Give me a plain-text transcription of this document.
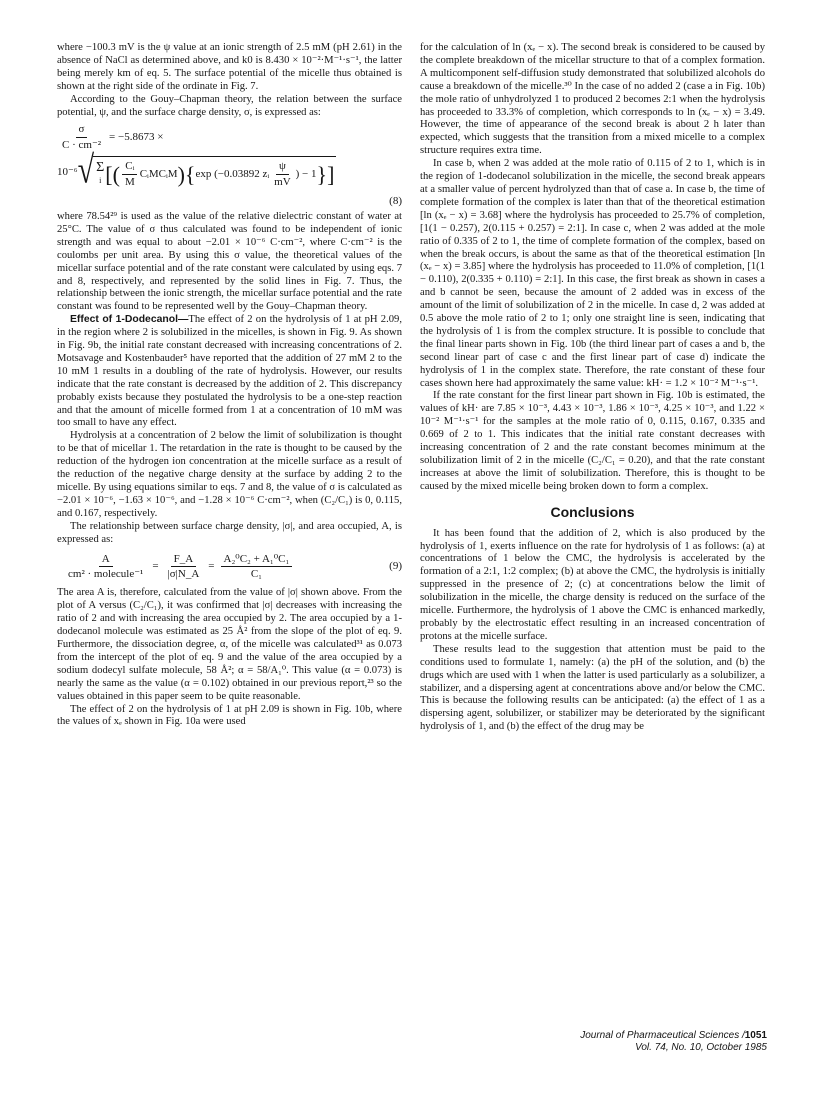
where −100.3 mV is the ψ value at an ionic strength of 2.5 mM (pH 2.61) in the absence of NaCl as determined above, and k0 is 8.430 × 10⁻²·M⁻¹·s⁻¹, the latter being merely km of eq. 5. The surface potential of the micelle thus obtained is shown at the right side of the ordinate in Fig. 7.

According to the Gouy–Chapman theory, the relation between the surface potential, ψ, and the surface charge density, σ, is expressed as:

$\frac{\sigma}{\text{C · cm⁻²}} = -5.8673$ ×
10⁻⁶ √ Σ
i [ ( $\frac{\text{Cᵢ}}{M}$ CᵢMCᵢM ) { exp (−0.03892 zᵢ $\frac{\psi}{mV}$ ) − 1 } ]
(8)

where 78.54²⁹ is used as the value of the relative dielectric constant of water at 25°C. The value of σ thus calculated was found to be independent of ionic strength and was equal to about −2.01 × 10⁻⁶ C·cm⁻², where C·cm⁻² is the coulombs per unit area. By using this σ value, the theoretical values of the micellar surface potential and of the rate constant were calculated by using eqs. 7 and 8, respectively, and represented by the solid lines in Fig. 7. Thus, the relationship between the ionic strength, the micellar surface potential and the rate constant was found to be represented well by the Gouy–Chapman theory.

Effect of 1-Dodecanol—The effect of 2 on the hydrolysis of 1 at pH 2.09, in the region where 2 is solubilized in the micelles, is shown in Fig. 9. As shown in Fig. 9b, the initial rate constant decreased with increasing concentrations of 2. Motsavage and Kostenbauder⁵ have reported that the addition of 27 mM 2 to the 10 mM 1 results in a doubling of the rate of hydrolysis. However, our results indicate that the rate constant is decreased by the addition of 2. This discrepancy probably exists because they postulated the hydrolysis to be a one-step reaction and that the amount of micelle formed from 1 at a concentration of 10 mM was too small to have any effect.

Hydrolysis at a concentration of 2 below the limit of solubilization is thought to be that of micellar 1. The retardation in the rate is thought to be caused by the reduction of the hydrogen ion concentration at the micelle surface as a result of the reduction of the negative charge density at the surface by adding 2 to the micelle. By using equations similar to eqs. 7 and 8, the value of σ is calculated as −2.01 × 10⁻⁶, −1.63 × 10⁻⁶, and −1.28 × 10⁻⁶ C·cm⁻², when (C₂/C₁) is 0, 0.115, and 0.167, respectively.

The relationship between surface charge density, |σ|, and area occupied, A, is expressed as:

$\frac{A}{\text{cm² · molecule⁻¹}} = \frac{F\_A}{|\sigma|N\_A} = \frac{\text{A₂⁰C₂ + A₁⁰C₁}}{\text{C₁}}$	(9)

The area A is, therefore, calculated from the value of |σ| shown above. From the plot of A versus (C₂/C₁), it was confirmed that |σ| decreases with increasing the ratio of 2 and with increasing the area occupied by 2. The area occupied by a 1-dodecanol molecule was estimated as 25 Å² from the slope of the plot of eq. 9. Furthermore, the dissociation degree, α, of the micelle was calculated³¹ as 0.073 from the intercept of the plot of eq. 9 and the value of the area occupied by a sodium dodecyl sulfate molecule, 58 Å²; α = 58/A₁⁰. This value (α = 0.073) is nearly the same as the value (α = 0.102) obtained in our previous report,²³ so the values obtained in this paper seem to be quite reasonable.

The effect of 2 on the hydrolysis of 1 at pH 2.09 is shown in Fig. 10b, where the values of xₑ shown in Fig. 10a were used

for the calculation of ln (xₑ − x). The second break is considered to be caused by the complete breakdown of the micellar structure to that of a complex formation. A multicomponent self-diffusion study demonstrated that solubilized alcohols do cause a breakdown of the micelle.³⁰ In the case of no added 2 (case a in Fig. 10b) the mole ratio of unhydrolyzed 1 to produced 2 becomes 2:1 when the hydrolysis has proceeded to 33.3% of completion, which corresponds to ln (xₑ − x) = 3.49. However, the time of appearance of the second break is about 2 h later than expected, which suggests that the transition from a mixed micelle to a complex structure requires extra time.

In case b, when 2 was added at the mole ratio of 0.115 of 2 to 1, which is in the region of 1-dodecanol solubilization in the micelle, the second break appears at a smaller value of percent hydrolyzed than that of case a. In case b, the time of complete formation of the complex is later than that of the theoretical estimation [ln (xₑ − x) = 3.68] where the hydrolysis has proceeded to 25.7% of completion, [1(1 − 0.257), 2(0.115 + 0.257) = 2:1]. In case c, when 2 was added at the mole ratio of 0.335 of 2 to 1, the time of complete formation of the complex, based on when the break occurs, is about the same as that of the theoretical estimation [ln (xₑ − x) = 3.85] where the hydrolysis has proceeded to 11.0% of completion, [1(1 − 0.110), 2(0.335 + 0.110) = 2:1]. In this case, the first break as shown in cases a and b cannot be seen, because the amount of 2 added was in excess of the amount of the limit of solubilization of 2 in the micelle. In case d, 2 was added at 0.5 above the mole ratio of 2 to 1; only one straight line is seen, indicating that the hydrolysis of 1 is from the complex structure. It is possible to conclude that the final linear parts shown in Fig. 10b (the third linear part of cases a and b, the second linear part of case c and the first linear part of case d) indicate the hydrolysis of 1 in the complex state. Therefore, the rate constant of these four cases shown here had approximately the same value: kH· = 1.2 × 10⁻² M⁻¹·s⁻¹.

If the rate constant for the first linear part shown in Fig. 10b is estimated, the values of kH· are 7.85 × 10⁻³, 4.43 × 10⁻³, 1.86 × 10⁻³, 4.25 × 10⁻³, and 1.22 × 10⁻² M⁻¹·s⁻¹ for the samples at the mole ratio of 0, 0.115, 0.167, 0.335 and 0.669 of 2 to 1. This indicates that the initial rate constant decreases with increasing concentration of 2 and the rate constant becomes minimum at the solubilization limit of 2 in the micelle (C₂/C₁ = 0.20), and that the rate constant increases at above the limit of solubilization. Therefore, this is thought to be caused by the mixed micelle being broken down to form a complex.

Conclusions

It has been found that the addition of 2, which is also produced by the hydrolysis of 1, exerts influence on the rate for hydrolysis of 1 as follows: (a) at concentrations of 1 below the CMC, the hydrolysis is accelerated by the formation of a 2:1, 1:2 complex; (b) at above the CMC, the hydrolysis is initially suppressed in the presence of 2; (c) at concentrations below the limit of solubilization in the micelle, the charge density is reduced on the surface of the micelle. Furthermore, the hydrolysis of 1 above the CMC is enhanced markedly, probably by the electrostatic effect resulting in an increased concentration of protons at the micelle surface.

These results lead to the suggestion that attention must be paid to the conditions used to formulate 1, namely: (a) the pH of the solution, and (b) the drugs which are used with 1 when the latter is used particularly as a solubilizer, a stabilizer, and a dispersing agent at concentrations above and/or below the CMC. This is because the following results can be anticipated: (a) the effect of 1 as a dispersing agent, solubilizer, or stabilizer may be deteriorated by the significant hydrolysis of 1, and (b) the effect of the drug may be

Journal of Pharmaceutical Sciences /1051
Vol. 74, No. 10, October 1985
